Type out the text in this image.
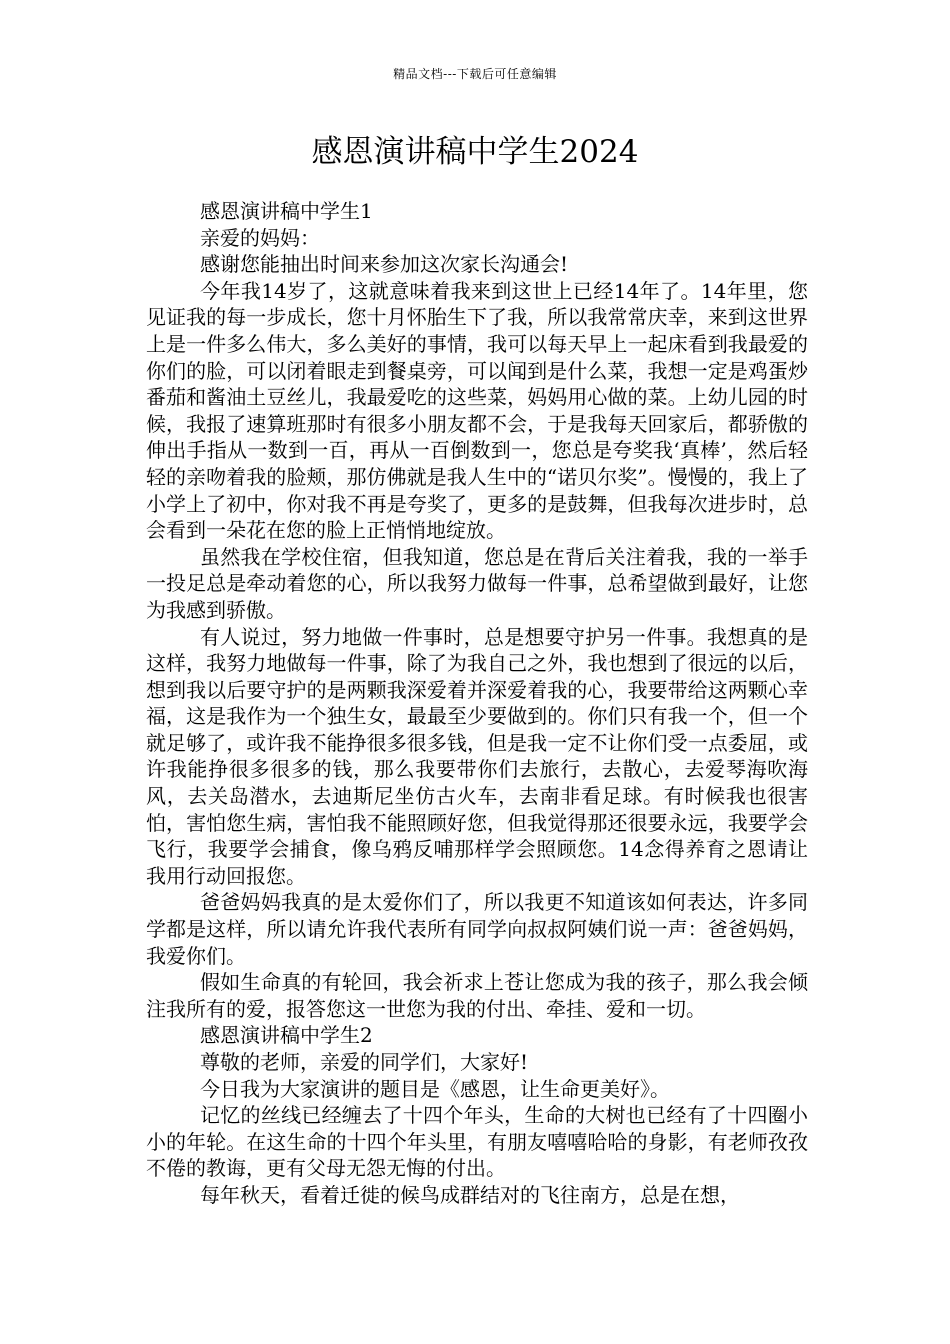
精品文档---下载后可任意编辑
感恩演讲稿中学生2024

感恩演讲稿中学生1

亲爱的妈妈：

感谢您能抽出时间来参加这次家长沟通会!

今年我14岁了，这就意味着我来到这世上已经14年了。14年里，您见证我的每一步成长，您十月怀胎生下了我，所以我常常庆幸，来到这世界上是一件多么伟大，多么美好的事情，我可以每天早上一起床看到我最爱的你们的脸，可以闭着眼走到餐桌旁，可以闻到是什么菜，我想一定是鸡蛋炒番茄和酱油土豆丝儿，我最爱吃的这些菜，妈妈用心做的菜。上幼儿园的时候，我报了速算班那时有很多小朋友都不会，于是我每天回家后，都骄傲的伸出手指从一数到一百，再从一百倒数到一，您总是夸奖我‘真棒’，然后轻轻的亲吻着我的脸颊，那仿佛就是我人生中的“诺贝尔奖”。慢慢的，我上了小学上了初中，你对我不再是夸奖了，更多的是鼓舞，但我每次进步时，总会看到一朵花在您的脸上正悄悄地绽放。

虽然我在学校住宿，但我知道，您总是在背后关注着我，我的一举手一投足总是牵动着您的心，所以我努力做每一件事，总希望做到最好，让您为我感到骄傲。

有人说过，努力地做一件事时，总是想要守护另一件事。我想真的是这样，我努力地做每一件事，除了为我自己之外，我也想到了很远的以后，想到我以后要守护的是两颗我深爱着并深爱着我的心，我要带给这两颗心幸福，这是我作为一个独生女，最最至少要做到的。你们只有我一个，但一个就足够了，或许我不能挣很多很多钱，但是我一定不让你们受一点委屈，或许我能挣很多很多的钱，那么我要带你们去旅行，去散心，去爱琴海吹海风，去关岛潜水，去迪斯尼坐仿古火车，去南非看足球。有时候我也很害怕，害怕您生病，害怕我不能照顾好您，但我觉得那还很要永远，我要学会飞行，我要学会捕食，像乌鸦反哺那样学会照顾您。14念得养育之恩请让我用行动回报您。

爸爸妈妈我真的是太爱你们了，所以我更不知道该如何表达，许多同学都是这样，所以请允许我代表所有同学向叔叔阿姨们说一声：爸爸妈妈，我爱你们。

假如生命真的有轮回，我会祈求上苍让您成为我的孩子，那么我会倾注我所有的爱，报答您这一世您为我的付出、牵挂、爱和一切。

感恩演讲稿中学生2

尊敬的老师，亲爱的同学们，大家好!

今日我为大家演讲的题目是《感恩，让生命更美好》。

记忆的丝线已经缠去了十四个年头，生命的大树也已经有了十四圈小小的年轮。在这生命的十四个年头里，有朋友嘻嘻哈哈的身影，有老师孜孜不倦的教诲，更有父母无怨无悔的付出。

每年秋天，看着迁徙的候鸟成群结对的飞往南方，总是在想，
